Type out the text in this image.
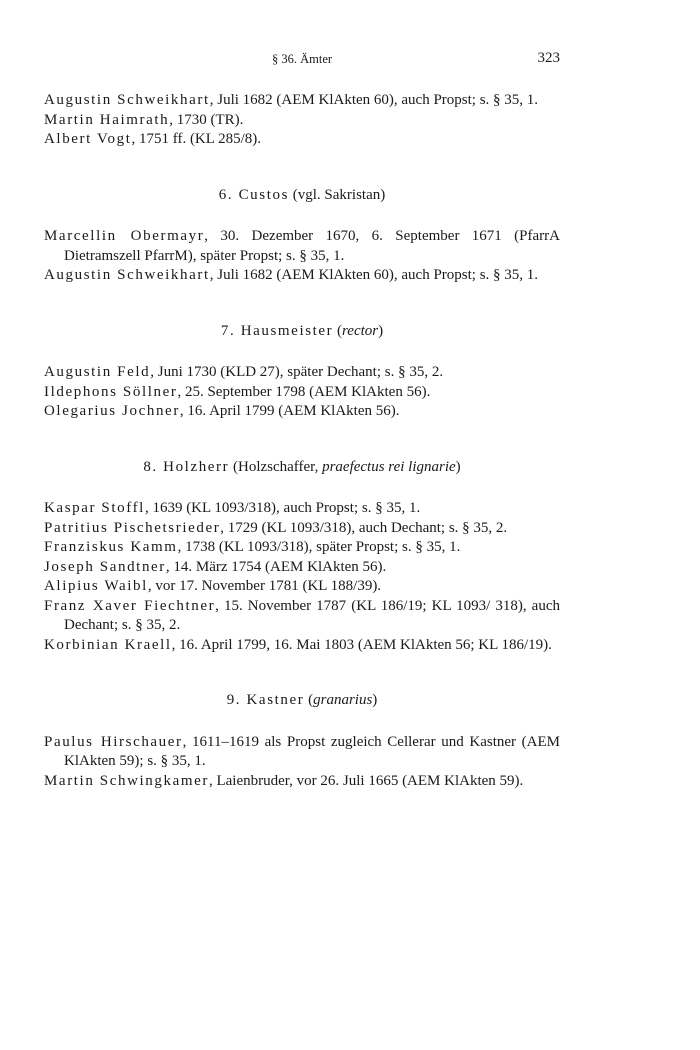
§ 36. Ämter	323

Augustin Schweikhart, Juli 1682 (AEM KlAkten 60), auch Propst; s. § 35, 1.

Martin Haimrath, 1730 (TR).

Albert Vogt, 1751 ff. (KL 285/8).

6. Custos (vgl. Sakristan)

Marcellin Obermayr, 30. Dezember 1670, 6. September 1671 (PfarrA Dietramszell PfarrM), später Propst; s. § 35, 1.

Augustin Schweikhart, Juli 1682 (AEM KlAkten 60), auch Propst; s. § 35, 1.

7. Hausmeister (rector)

Augustin Feld, Juni 1730 (KLD 27), später Dechant; s. § 35, 2.

Ildephons Söllner, 25. September 1798 (AEM KlAkten 56).

Olegarius Jochner, 16. April 1799 (AEM KlAkten 56).

8. Holzherr (Holzschaffer, praefectus rei lignarie)

Kaspar Stoffl, 1639 (KL 1093/318), auch Propst; s. § 35, 1.

Patritius Pischetsrieder, 1729 (KL 1093/318), auch Dechant; s. § 35, 2.

Franziskus Kamm, 1738 (KL 1093/318), später Propst; s. § 35, 1.

Joseph Sandtner, 14. März 1754 (AEM KlAkten 56).

Alipius Waibl, vor 17. November 1781 (KL 188/39).

Franz Xaver Fiechtner, 15. November 1787 (KL 186/19; KL 1093/ 318), auch Dechant; s. § 35, 2.

Korbinian Kraell, 16. April 1799, 16. Mai 1803 (AEM KlAkten 56; KL 186/19).

9. Kastner (granarius)

Paulus Hirschauer, 1611–1619 als Propst zugleich Cellerar und Kastner (AEM KlAkten 59); s. § 35, 1.

Martin Schwingkamer, Laienbruder, vor 26. Juli 1665 (AEM KlAkten 59).
